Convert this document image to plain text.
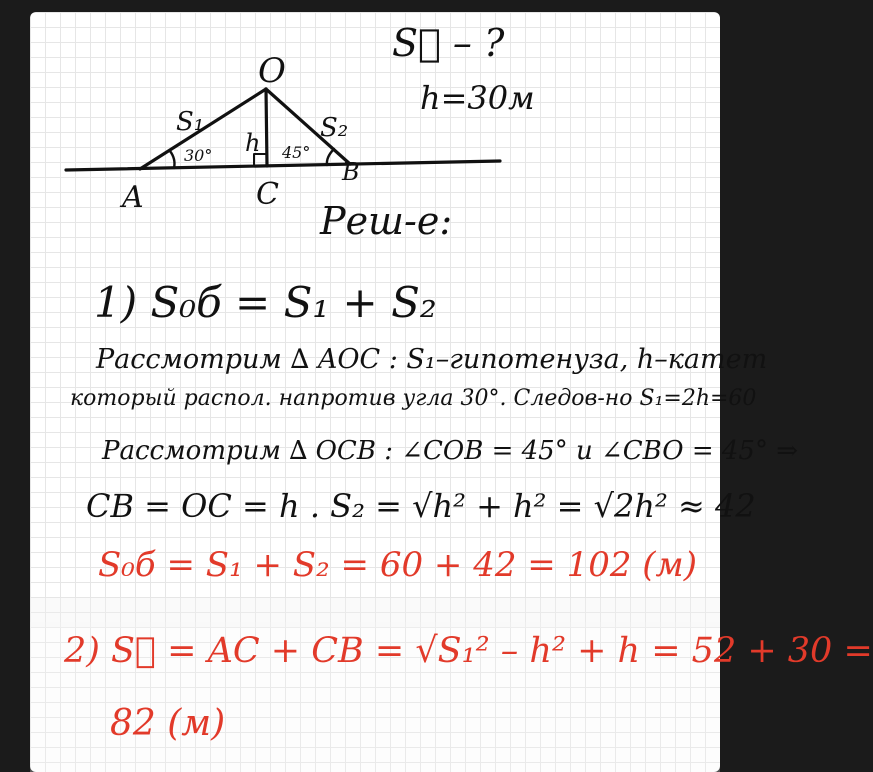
O
A	C
B
S₁	S₂
h
30°	45°
S⃗ – ?
h=30м
Реш-е:
1) S₀б = S₁ + S₂
Рассмотрим ∆ AOC : S₁–гипотенуза, h–катет
который распол. напротив угла 30°. Следов-но S₁=2h=60
Рассмотрим ∆ OCB : ∠COB = 45° и ∠CBO = 45° ⇒
CB = OC = h . S₂ = √h² + h² = √2h² ≈ 42
S₀б = S₁ + S₂ = 60 + 42 = 102 (м)
2) S⃗ = AC + CB = √S₁² – h² + h = 52 + 30 =
82 (м)
